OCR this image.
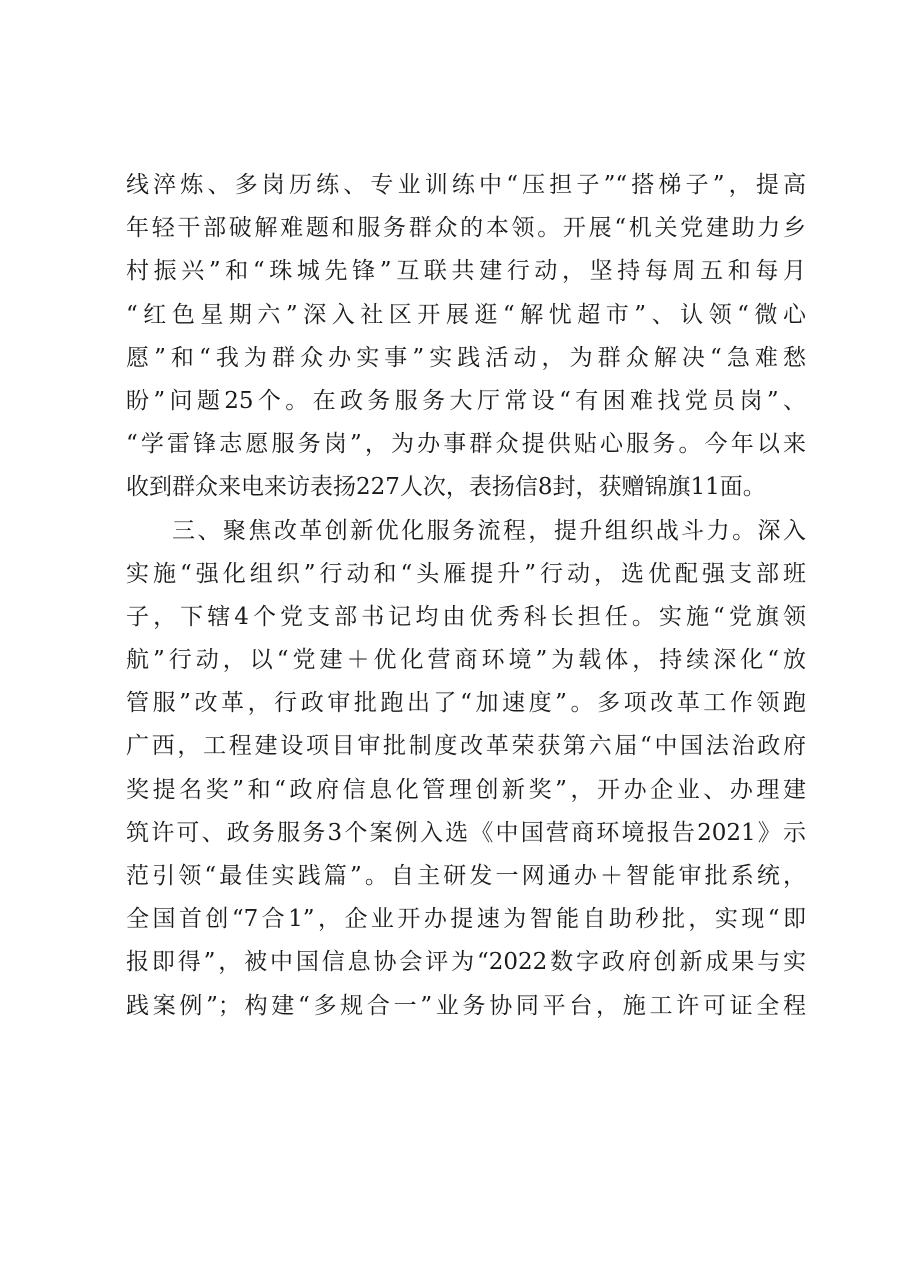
线淬炼、多岗历练、专业训练中“压担子”“搭梯子”，提高
年轻干部破解难题和服务群众的本领。开展“机关党建助力乡
村振兴”和“珠城先锋”互联共建行动，坚持每周五和每月
“红色星期六”深入社区开展逛“解忧超市”、认领“微心
愿”和“我为群众办实事”实践活动，为群众解决“急难愁
盼”问题25个。在政务服务大厅常设“有困难找党员岗”、
“学雷锋志愿服务岗”，为办事群众提供贴心服务。今年以来
收到群众来电来访表扬227人次，表扬信8封，获赠锦旗11面。
三、聚焦改革创新优化服务流程，提升组织战斗力。深入
实施“强化组织”行动和“头雁提升”行动，选优配强支部班
子，下辖4个党支部书记均由优秀科长担任。实施“党旗领
航”行动，以“党建＋优化营商环境”为载体，持续深化“放
管服”改革，行政审批跑出了“加速度”。多项改革工作领跑
广西，工程建设项目审批制度改革荣获第六届“中国法治政府
奖提名奖”和“政府信息化管理创新奖”，开办企业、办理建
筑许可、政务服务3个案例入选《中国营商环境报告2021》示
范引领“最佳实践篇”。自主研发一网通办＋智能审批系统，
全国首创“7合1”，企业开办提速为智能自助秒批，实现“即
报即得”，被中国信息协会评为“2022数字政府创新成果与实
践案例”；构建“多规合一”业务协同平台，施工许可证全程
